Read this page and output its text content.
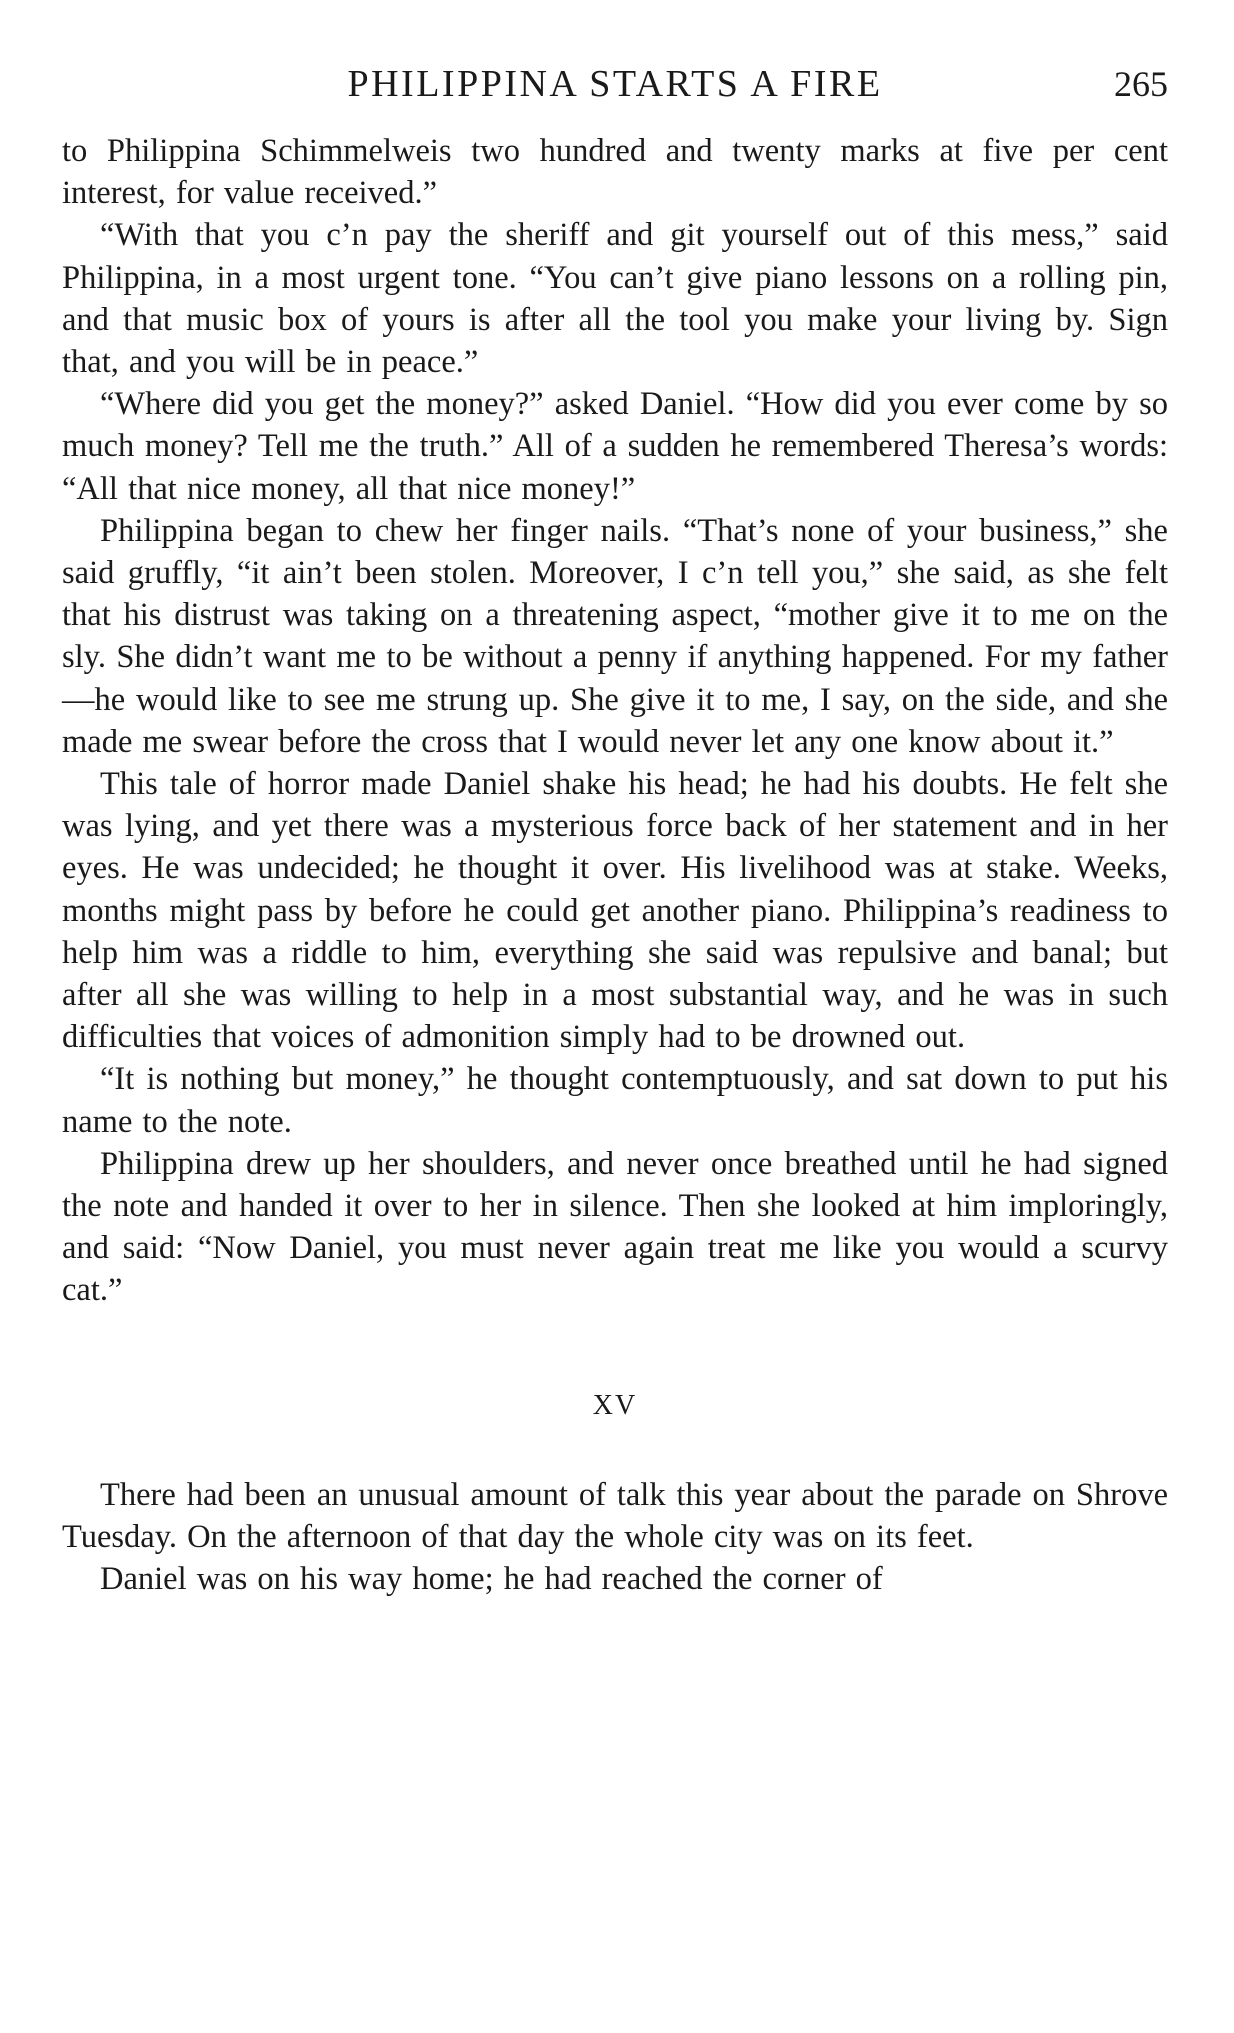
PHILIPPINA STARTS A FIRE	265

to Philippina Schimmelweis two hundred and twenty marks at five per cent interest, for value received.”

“With that you c’n pay the sheriff and git yourself out of this mess,” said Philippina, in a most urgent tone. “You can’t give piano lessons on a rolling pin, and that music box of yours is after all the tool you make your living by. Sign that, and you will be in peace.”

“Where did you get the money?” asked Daniel. “How did you ever come by so much money? Tell me the truth.” All of a sudden he remembered Theresa’s words: “All that nice money, all that nice money!”

Philippina began to chew her finger nails. “That’s none of your business,” she said gruffly, “it ain’t been stolen. Moreover, I c’n tell you,” she said, as she felt that his distrust was taking on a threatening aspect, “mother give it to me on the sly. She didn’t want me to be without a penny if anything happened. For my father—he would like to see me strung up. She give it to me, I say, on the side, and she made me swear before the cross that I would never let any one know about it.”

This tale of horror made Daniel shake his head; he had his doubts. He felt she was lying, and yet there was a mysterious force back of her statement and in her eyes. He was undecided; he thought it over. His livelihood was at stake. Weeks, months might pass by before he could get another piano. Philippina’s readiness to help him was a riddle to him, everything she said was repulsive and banal; but after all she was willing to help in a most substantial way, and he was in such difficulties that voices of admonition simply had to be drowned out.

“It is nothing but money,” he thought contemptuously, and sat down to put his name to the note.

Philippina drew up her shoulders, and never once breathed until he had signed the note and handed it over to her in silence. Then she looked at him imploringly, and said: “Now Daniel, you must never again treat me like you would a scurvy cat.”

XV

There had been an unusual amount of talk this year about the parade on Shrove Tuesday. On the afternoon of that day the whole city was on its feet.

Daniel was on his way home; he had reached the corner of
